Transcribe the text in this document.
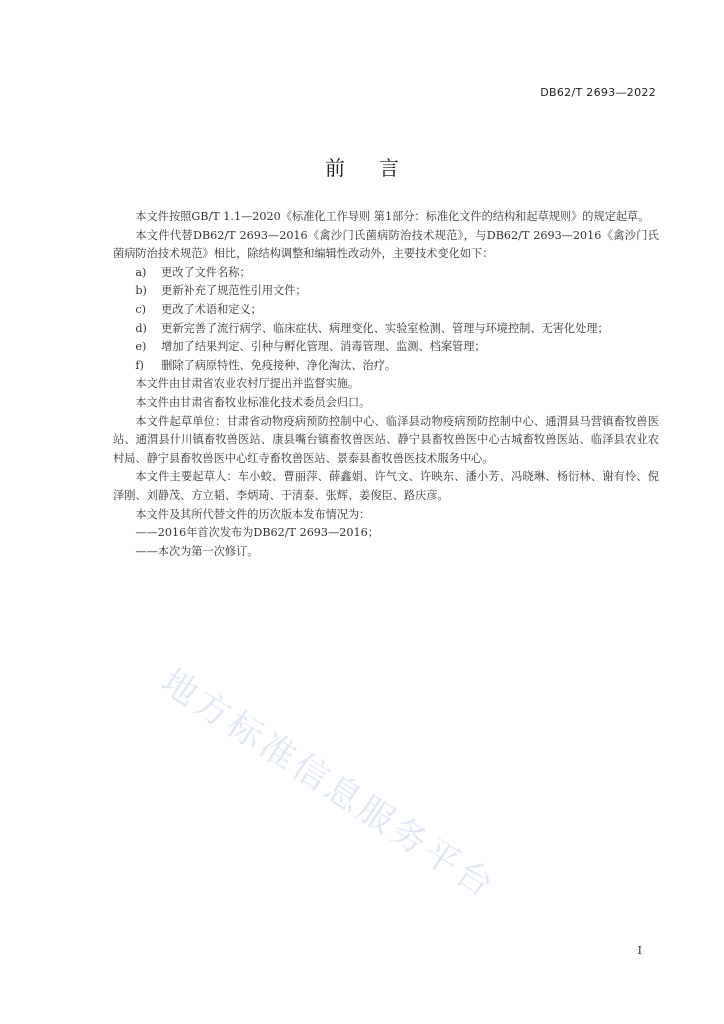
DB62/T 2693—2022
前言

本文件按照GB/T 1.1—2020《标准化工作导则 第1部分：标准化文件的结构和起草规则》的规定起草。

本文件代替DB62/T 2693—2016《禽沙门氏菌病防治技术规范》，与DB62/T 2693—2016《禽沙门氏菌病防治技术规范》相比，除结构调整和编辑性改动外，主要技术变化如下：

a) 更改了文件名称；

b) 更新补充了规范性引用文件；

c) 更改了术语和定义；

d) 更新完善了流行病学、临床症状、病理变化、实验室检测、管理与环境控制、无害化处理；

e) 增加了结果判定、引种与孵化管理、消毒管理、监测、档案管理；

f) 删除了病原特性、免疫接种、净化淘汰、治疗。

本文件由甘肃省农业农村厅提出并监督实施。

本文件由甘肃省畜牧业标准化技术委员会归口。

本文件起草单位：甘肃省动物疫病预防控制中心、临泽县动物疫病预防控制中心、通渭县马营镇畜牧兽医站、通渭县什川镇畜牧兽医站、康县嘴台镇畜牧兽医站、静宁县畜牧兽医中心古城畜牧兽医站、临泽县农业农村局、静宁县畜牧兽医中心红寺畜牧兽医站、景泰县畜牧兽医技术服务中心。

本文件主要起草人：车小蛟、曹丽萍、薛鑫娟、许气文、许映东、潘小芳、冯晓琳、杨衍林、谢有怜、倪泽刚、刘静茂、方立韬、李炳琦、于清泰、张辉、姜俊臣、路庆彦。

本文件及其所代替文件的历次版本发布情况为：

——2016年首次发布为DB62/T 2693—2016；

——本次为第一次修订。

地方标准信息服务平台
I
